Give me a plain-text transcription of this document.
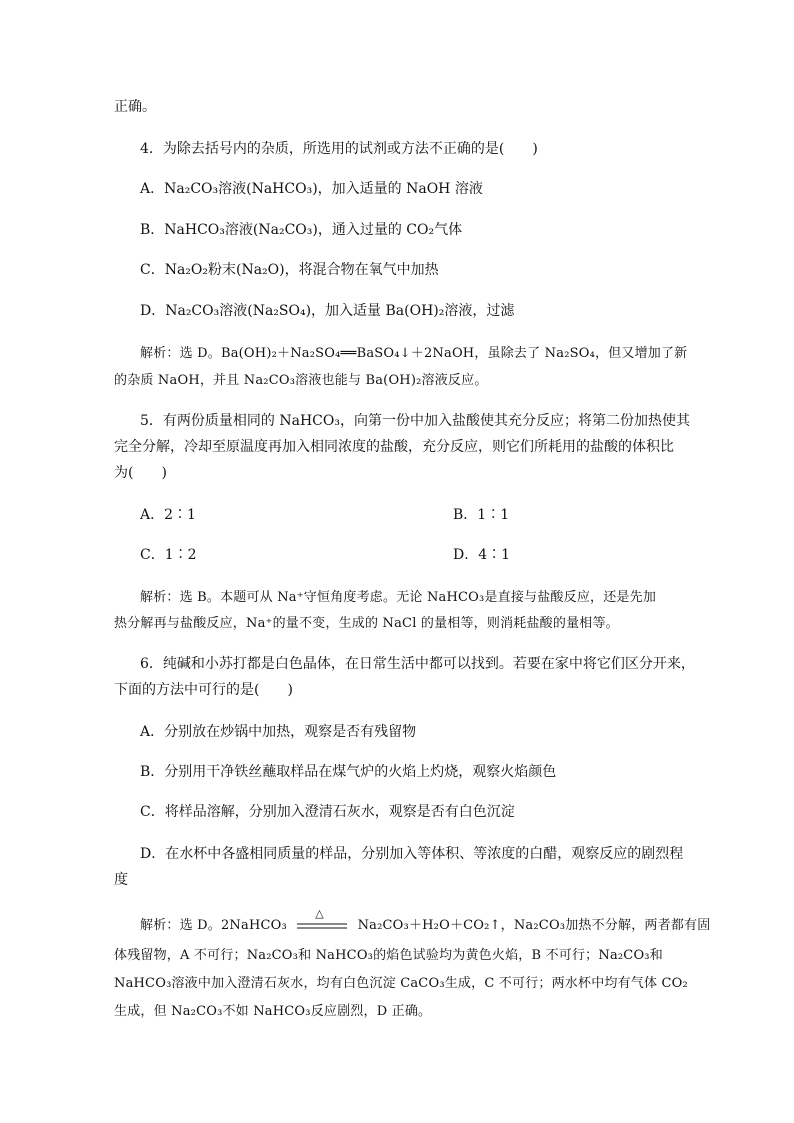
正确。
4．为除去括号内的杂质，所选用的试剂或方法不正确的是(　　)
A．Na₂CO₃溶液(NaHCO₃)，加入适量的 NaOH 溶液
B．NaHCO₃溶液(Na₂CO₃)，通入过量的 CO₂气体
C．Na₂O₂粉末(Na₂O)，将混合物在氧气中加热
D．Na₂CO₃溶液(Na₂SO₄)，加入适量 Ba(OH)₂溶液，过滤
解析：选 D。Ba(OH)₂＋Na₂SO₄══BaSO₄↓＋2NaOH，虽除去了 Na₂SO₄，但又增加了新
的杂质 NaOH，并且 Na₂CO₃溶液也能与 Ba(OH)₂溶液反应。
5．有两份质量相同的 NaHCO₃，向第一份中加入盐酸使其充分反应；将第二份加热使其
完全分解，冷却至原温度再加入相同浓度的盐酸，充分反应，则它们所耗用的盐酸的体积比
为(　　)
A．2∶1	B．1∶1
C．1∶2	D．4∶1
解析：选 B。本题可从 Na⁺守恒角度考虑。无论 NaHCO₃是直接与盐酸反应，还是先加
热分解再与盐酸反应，Na⁺的量不变，生成的 NaCl 的量相等，则消耗盐酸的量相等。
6．纯碱和小苏打都是白色晶体，在日常生活中都可以找到。若要在家中将它们区分开来，
下面的方法中可行的是(　　)
A．分别放在炒锅中加热，观察是否有残留物
B．分别用干净铁丝蘸取样品在煤气炉的火焰上灼烧，观察火焰颜色
C．将样品溶解，分别加入澄清石灰水，观察是否有白色沉淀
D．在水杯中各盛相同质量的样品，分别加入等体积、等浓度的白醋，观察反应的剧烈程
度
解析：选 D。2NaHCO₃
△
Na₂CO₃＋H₂O＋CO₂↑，Na₂CO₃加热不分解，两者都有固
体残留物，A 不可行；Na₂CO₃和 NaHCO₃的焰色试验均为黄色火焰，B 不可行；Na₂CO₃和
NaHCO₃溶液中加入澄清石灰水，均有白色沉淀 CaCO₃生成，C 不可行；两水杯中均有气体 CO₂
生成，但 Na₂CO₃不如 NaHCO₃反应剧烈，D 正确。
